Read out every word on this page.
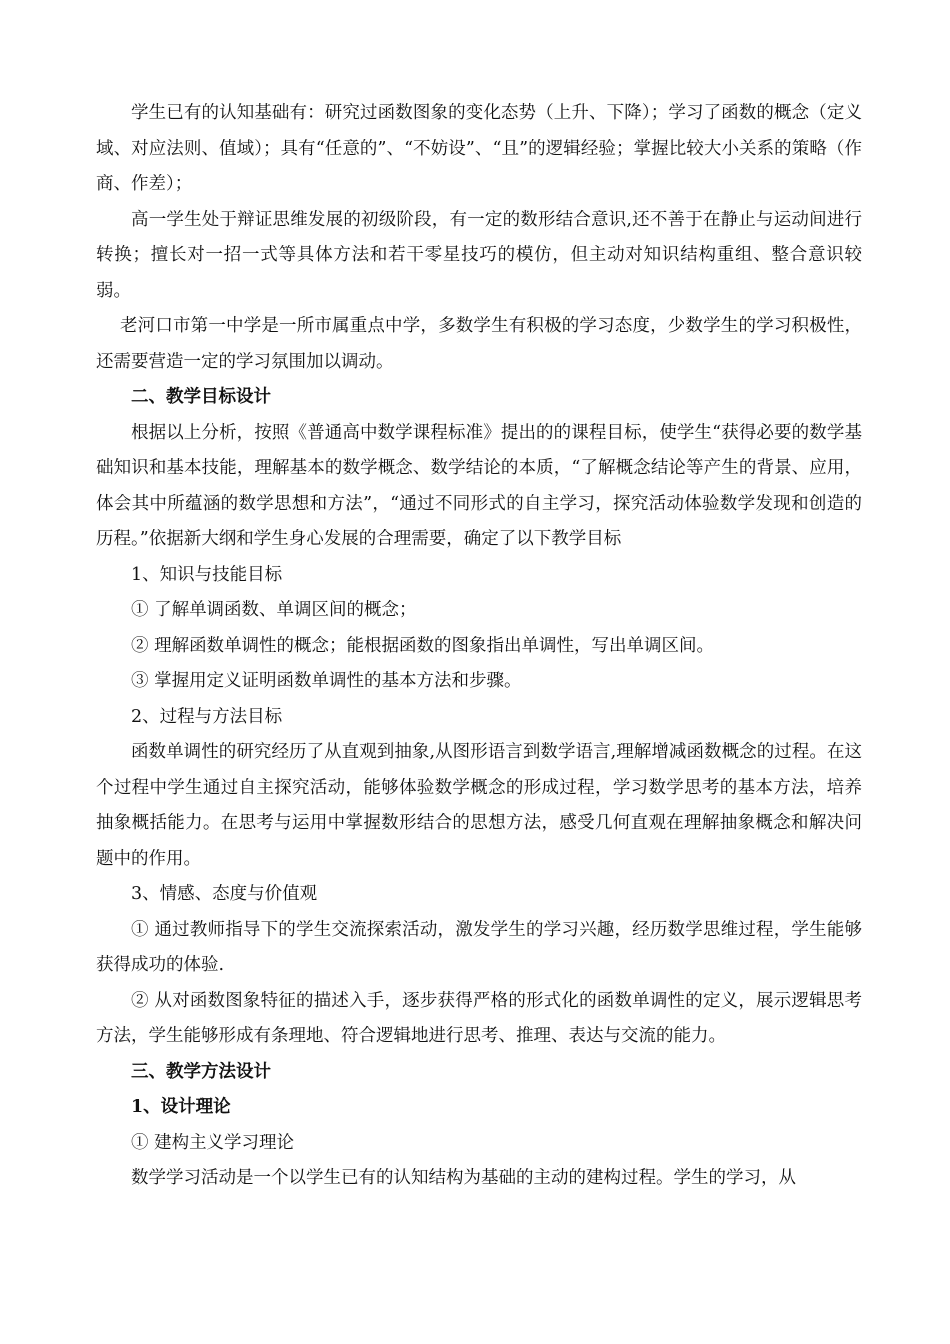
学生已有的认知基础有：研究过函数图象的变化态势（上升、下降）；学习了函数的概念（定义域、对应法则、值域）；具有“任意的”、“不妨设”、“且”的逻辑经验；掌握比较大小关系的策略（作商、作差）；

高一学生处于辩证思维发展的初级阶段，有一定的数形结合意识,还不善于在静止与运动间进行转换；擅长对一招一式等具体方法和若干零星技巧的模仿，但主动对知识结构重组、整合意识较弱。

老河口市第一中学是一所市属重点中学，多数学生有积极的学习态度，少数学生的学习积极性，还需要营造一定的学习氛围加以调动。

二、教学目标设计

根据以上分析，按照《普通高中数学课程标准》提出的的课程目标，使学生“获得必要的数学基础知识和基本技能，理解基本的数学概念、数学结论的本质，“了解概念结论等产生的背景、应用，体会其中所蕴涵的数学思想和方法”，“通过不同形式的自主学习，探究活动体验数学发现和创造的历程。”依据新大纲和学生身心发展的合理需要，确定了以下教学目标

1、知识与技能目标

① 了解单调函数、单调区间的概念；

② 理解函数单调性的概念；能根据函数的图象指出单调性，写出单调区间。

③ 掌握用定义证明函数单调性的基本方法和步骤。

2、过程与方法目标

函数单调性的研究经历了从直观到抽象,从图形语言到数学语言,理解增减函数概念的过程。在这个过程中学生通过自主探究活动，能够体验数学概念的形成过程，学习数学思考的基本方法，培养抽象概括能力。在思考与运用中掌握数形结合的思想方法，感受几何直观在理解抽象概念和解决问题中的作用。

3、情感、态度与价值观

① 通过教师指导下的学生交流探索活动，激发学生的学习兴趣，经历数学思维过程，学生能够获得成功的体验.

② 从对函数图象特征的描述入手，逐步获得严格的形式化的函数单调性的定义，展示逻辑思考方法，学生能够形成有条理地、符合逻辑地进行思考、推理、表达与交流的能力。

三、教学方法设计

1、设计理论

① 建构主义学习理论

数学学习活动是一个以学生已有的认知结构为基础的主动的建构过程。学生的学习，从
